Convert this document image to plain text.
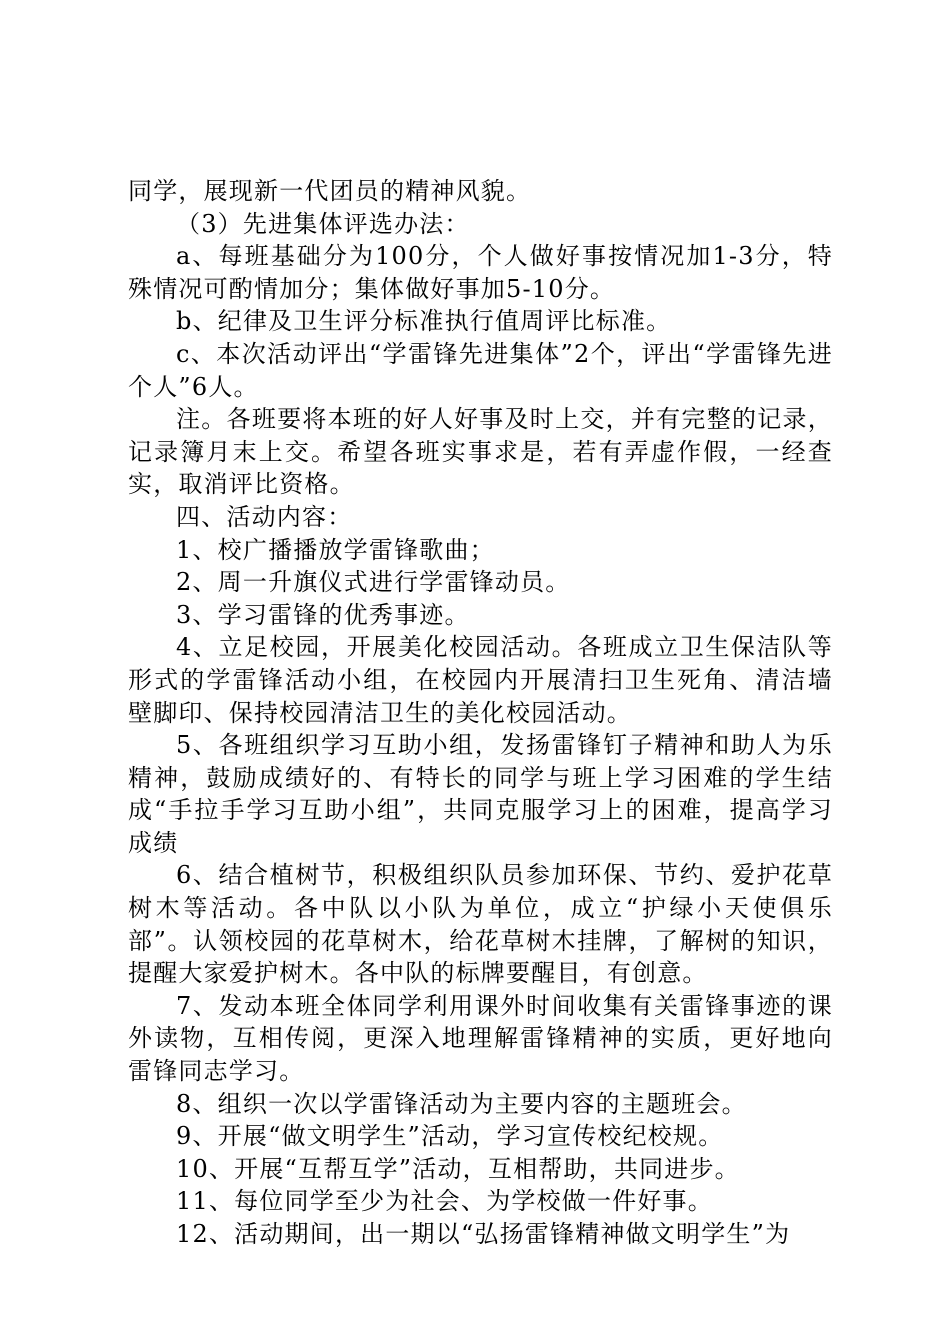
同学，展现新一代团员的精神风貌。

（3）先进集体评选办法：

a、每班基础分为100分，个人做好事按情况加1-3分，特殊情况可酌情加分；集体做好事加5-10分。

b、纪律及卫生评分标准执行值周评比标准。

c、本次活动评出“学雷锋先进集体”2个，评出“学雷锋先进个人”6人。

注。各班要将本班的好人好事及时上交，并有完整的记录，记录簿月末上交。希望各班实事求是，若有弄虚作假，一经查实，取消评比资格。

四、活动内容：

1、校广播播放学雷锋歌曲；

2、周一升旗仪式进行学雷锋动员。

3、学习雷锋的优秀事迹。

4、立足校园，开展美化校园活动。各班成立卫生保洁队等形式的学雷锋活动小组，在校园内开展清扫卫生死角、清洁墙壁脚印、保持校园清洁卫生的美化校园活动。

5、各班组织学习互助小组，发扬雷锋钉子精神和助人为乐精神，鼓励成绩好的、有特长的同学与班上学习困难的学生结成“手拉手学习互助小组”，共同克服学习上的困难，提高学习成绩

6、结合植树节，积极组织队员参加环保、节约、爱护花草树木等活动。各中队以小队为单位，成立“护绿小天使俱乐部”。认领校园的花草树木，给花草树木挂牌，了解树的知识，提醒大家爱护树木。各中队的标牌要醒目，有创意。

7、发动本班全体同学利用课外时间收集有关雷锋事迹的课外读物，互相传阅，更深入地理解雷锋精神的实质，更好地向雷锋同志学习。

8、组织一次以学雷锋活动为主要内容的主题班会。

9、开展“做文明学生”活动，学习宣传校纪校规。

10、开展“互帮互学”活动，互相帮助，共同进步。

11、每位同学至少为社会、为学校做一件好事。

12、活动期间，出一期以“弘扬雷锋精神做文明学生”为
